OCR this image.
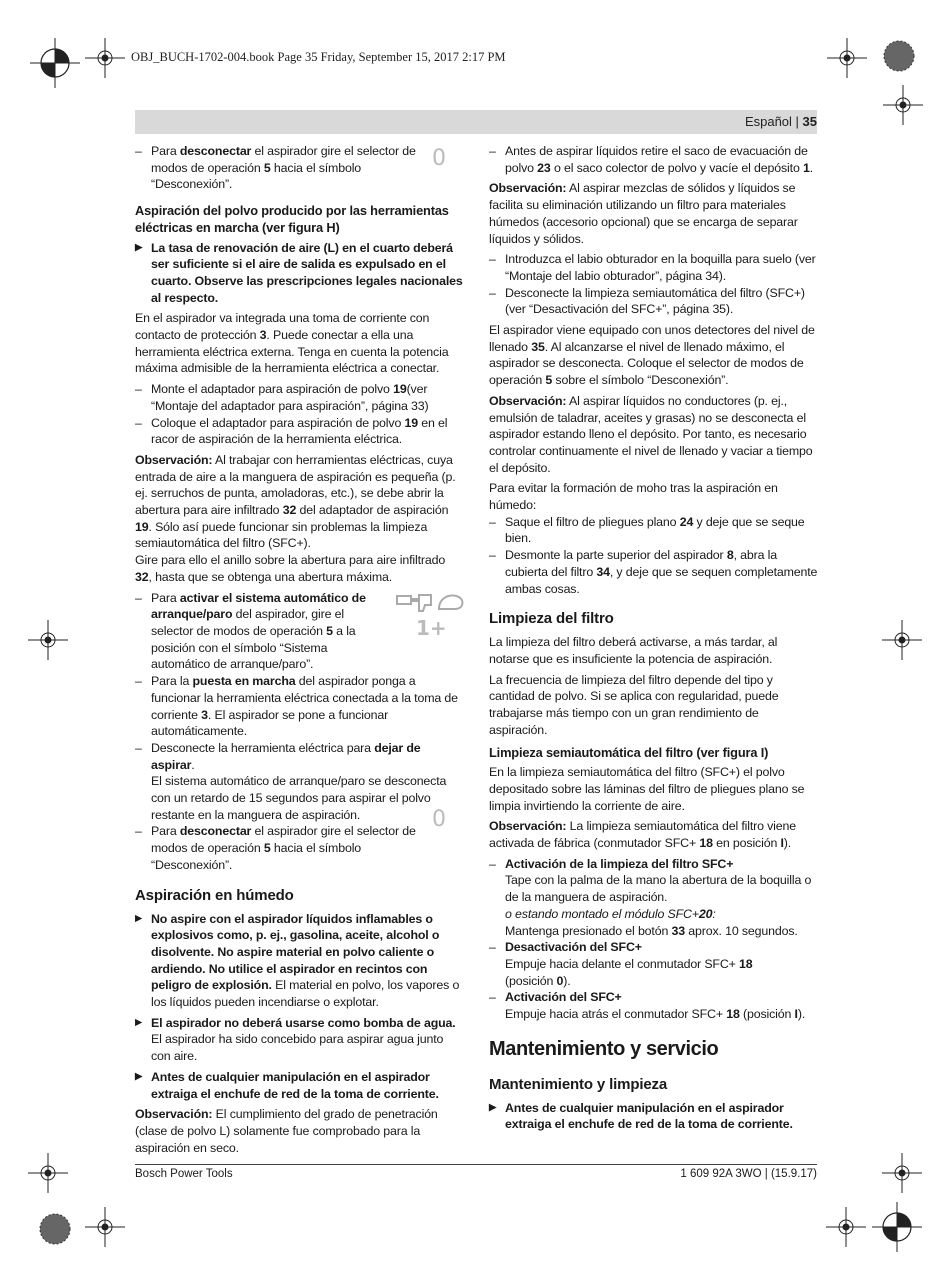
OBJ_BUCH-1702-004.book Page 35 Friday, September 15, 2017 2:17 PM
Español | 35
0
1+
0
– Para desconectar el aspirador gire el selector de modos de operación 5 hacia el símbolo “Desconexión”.
Aspiración del polvo producido por las herramientas eléctricas en marcha (ver figura H)
▶ La tasa de renovación de aire (L) en el cuarto deberá ser suficiente si el aire de salida es expulsado en el cuarto. Observe las prescripciones legales nacionales al respecto.

En el aspirador va integrada una toma de corriente con contacto de protección 3. Puede conectar a ella una herramienta eléctrica externa. Tenga en cuenta la potencia máxima admisible de la herramienta eléctrica a conectar.

– Monte el adaptador para aspiración de polvo 19(ver “Montaje del adaptador para aspiración”, página 33)
– Coloque el adaptador para aspiración de polvo 19 en el racor de aspiración de la herramienta eléctrica.

Observación: Al trabajar con herramientas eléctricas, cuya entrada de aire a la manguera de aspiración es pequeña (p. ej. serruchos de punta, amoladoras, etc.), se debe abrir la abertura para aire infiltrado 32 del adaptador de aspiración 19. Sólo así puede funcionar sin problemas la limpieza semiautomática del filtro (SFC+).

Gire para ello el anillo sobre la abertura para aire infiltrado 32, hasta que se obtenga una abertura máxima.

– Para activar el sistema automático de arranque/paro del aspirador, gire el selector de modos de operación 5 a la posición con el símbolo “Sistema automático de arranque/paro”.
– Para la puesta en marcha del aspirador ponga a funcionar la herramienta eléctrica conectada a la toma de corriente 3. El aspirador se pone a funcionar automáticamente.
– Desconecte la herramienta eléctrica para dejar de aspirar.
El sistema automático de arranque/paro se desconecta con un retardo de 15 segundos para aspirar el polvo restante en la manguera de aspiración.
– Para desconectar el aspirador gire el selector de modos de operación 5 hacia el símbolo “Desconexión”.
Aspiración en húmedo
▶ No aspire con el aspirador líquidos inflamables o explosivos como, p. ej., gasolina, aceite, alcohol o disolvente. No aspire material en polvo caliente o ardiendo. No utilice el aspirador en recintos con peligro de explosión. El material en polvo, los vapores o los líquidos pueden incendiarse o explotar.
▶ El aspirador no deberá usarse como bomba de agua. El aspirador ha sido concebido para aspirar agua junto con aire.
▶ Antes de cualquier manipulación en el aspirador extraiga el enchufe de red de la toma de corriente.

Observación: El cumplimiento del grado de penetración (clase de polvo L) solamente fue comprobado para la aspiración en seco.

– Antes de aspirar líquidos retire el saco de evacuación de polvo 23 o el saco colector de polvo y vacíe el depósito 1.

Observación: Al aspirar mezclas de sólidos y líquidos se facilita su eliminación utilizando un filtro para materiales húmedos (accesorio opcional) que se encarga de separar líquidos y sólidos.

– Introduzca el labio obturador en la boquilla para suelo (ver “Montaje del labio obturador”, página 34).
– Desconecte la limpieza semiautomática del filtro (SFC+) (ver “Desactivación del SFC+”, página 35).

El aspirador viene equipado con unos detectores del nivel de llenado 35. Al alcanzarse el nivel de llenado máximo, el aspirador se desconecta. Coloque el selector de modos de operación 5 sobre el símbolo “Desconexión”.

Observación: Al aspirar líquidos no conductores (p. ej., emulsión de taladrar, aceites y grasas) no se desconecta el aspirador estando lleno el depósito. Por tanto, es necesario controlar continuamente el nivel de llenado y vaciar a tiempo el depósito.

Para evitar la formación de moho tras la aspiración en húmedo:

– Saque el filtro de pliegues plano 24 y deje que se seque bien.
– Desmonte la parte superior del aspirador 8, abra la cubierta del filtro 34, y deje que se sequen completamente ambas cosas.
Limpieza del filtro

La limpieza del filtro deberá activarse, a más tardar, al notarse que es insuficiente la potencia de aspiración.

La frecuencia de limpieza del filtro depende del tipo y cantidad de polvo. Si se aplica con regularidad, puede trabajarse más tiempo con un gran rendimiento de aspiración.

Limpieza semiautomática del filtro (ver figura I)

En la limpieza semiautomática del filtro (SFC+) el polvo depositado sobre las láminas del filtro de pliegues plano se limpia invirtiendo la corriente de aire.

Observación: La limpieza semiautomática del filtro viene activada de fábrica (conmutador SFC+ 18 en posición I).

– Activación de la limpieza del filtro SFC+
Tape con la palma de la mano la abertura de la boquilla o de la manguera de aspiración.
o estando montado el módulo SFC+20:
Mantenga presionado el botón 33 aprox. 10 segundos.
– Desactivación del SFC+
Empuje hacia delante el conmutador SFC+ 18
(posición 0).
– Activación del SFC+
Empuje hacia atrás el conmutador SFC+ 18 (posición I).
Mantenimiento y servicio
Mantenimiento y limpieza
▶ Antes de cualquier manipulación en el aspirador extraiga el enchufe de red de la toma de corriente.
Bosch Power Tools	1 609 92A 3WO | (15.9.17)
